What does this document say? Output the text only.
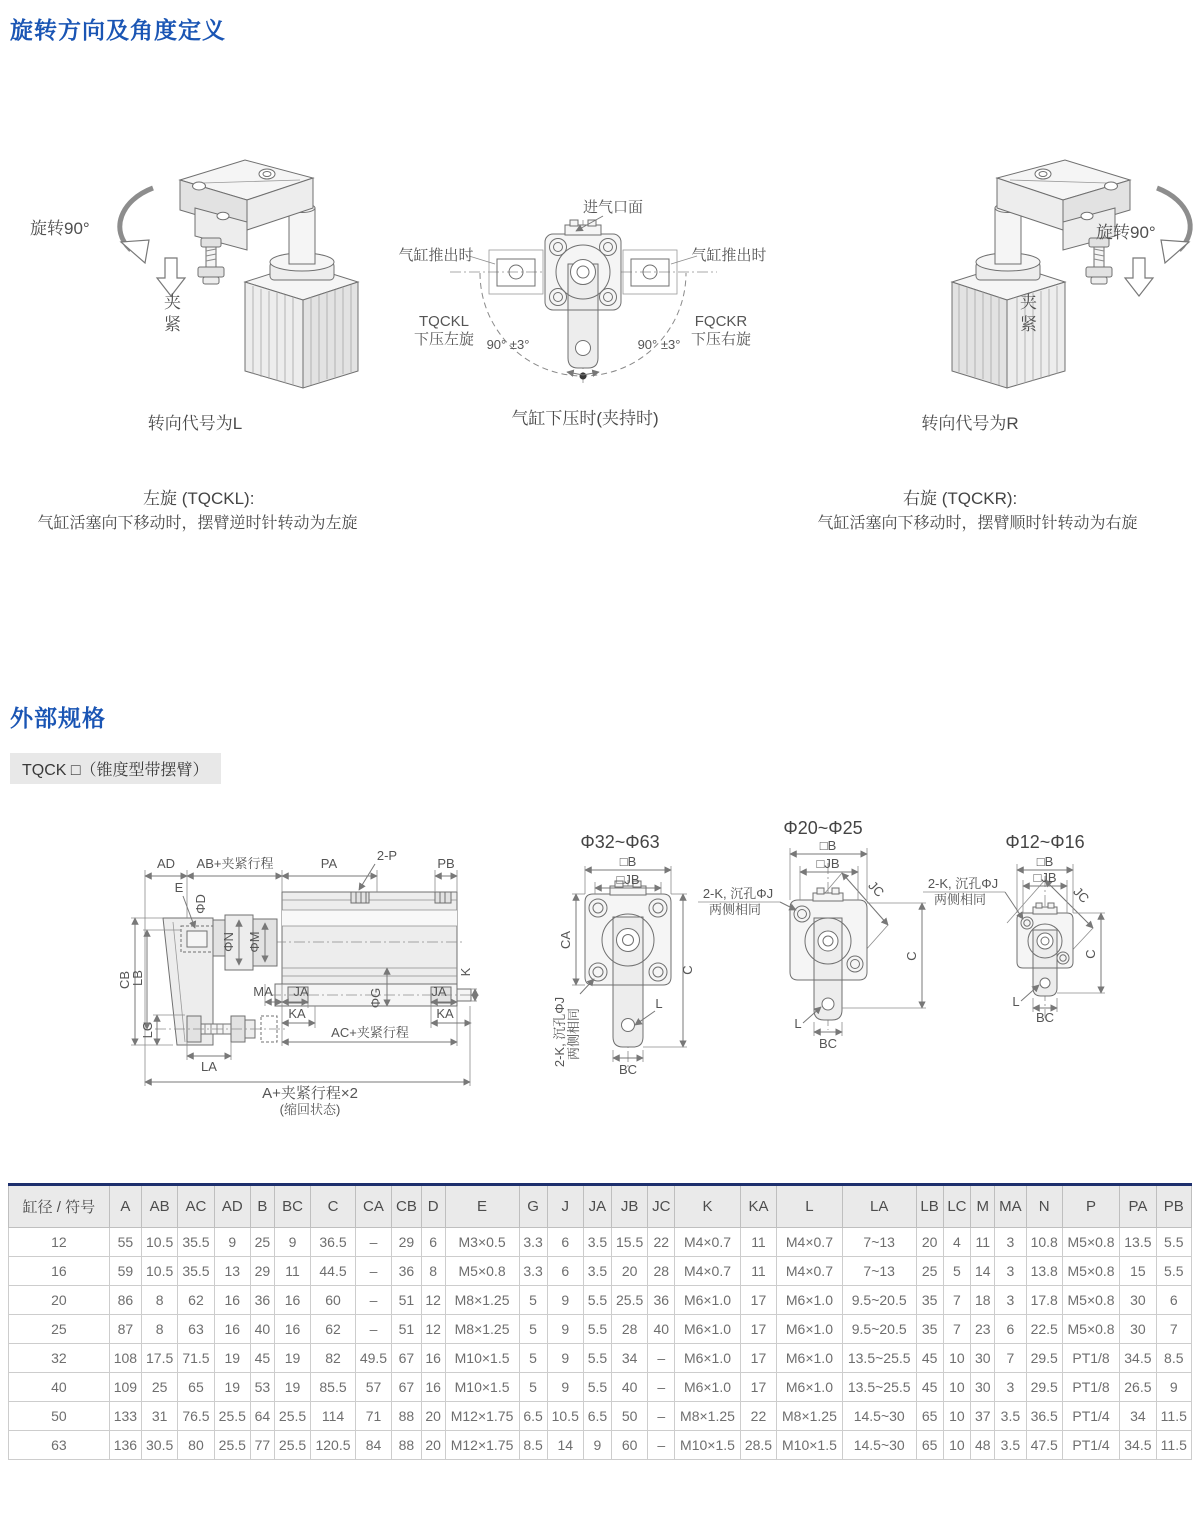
旋转方向及角度定义
旋转90°
夹紧
转向代号为L
左旋 (TQCKL):
气缸活塞向下移动时，摆臂逆时针转动为左旋
进气口面
气缸推出时	气缸推出时
TQCKL
下压左旋
FQCKR
下压右旋
90° ±3°	90° ±3°
气缸下压时(夹持时)
旋转90°
夹紧
转向代号为R
右旋 (TQCKR):
气缸活塞向下移动时，摆臂顺时针转动为右旋
外部规格
TQCK □（锥度型带摆臂）
AD AB+夹紧行程	PA
2-P
PB
E
ΦD
ΦN ΦM
CB
LB
LC
MA JA
KA
ΦG	JA
KA
K
AC+夹紧行程
LA
A+夹紧行程×2
(缩回状态)
Φ32~Φ63
□B
□JB
CA
C
L
BC
2-K, 沉孔ΦJ 两侧相同
Φ20~Φ25
JC
□B
□JB
C
L
BC
2-K, 沉孔ΦJ
两侧相同
Φ12~Φ16
JC
□B
□JB
C
L
BC
2-K, 沉孔ΦJ
两侧相同
缸径 / 符号	A	AB	AC	AD	B	BC	C	CA	CB	D	E	G	J	JA	JB	JC	K	KA	L	LA	LB	LC	M	MA	N	P	PA	PB
12	55	10.5	35.5	9	25	9	36.5	–	29	6	M3×0.5	3.3	6	3.5	15.5	22	M4×0.7	11	M4×0.7	7~13	20	4	11	3	10.8	M5×0.8	13.5	5.5
16	59	10.5	35.5	13	29	11	44.5	–	36	8	M5×0.8	3.3	6	3.5	20	28	M4×0.7	11	M4×0.7	7~13	25	5	14	3	13.8	M5×0.8	15	5.5
20	86	8	62	16	36	16	60	–	51	12	M8×1.25	5	9	5.5	25.5	36	M6×1.0	17	M6×1.0	9.5~20.5	35	7	18	3	17.8	M5×0.8	30	6
25	87	8	63	16	40	16	62	–	51	12	M8×1.25	5	9	5.5	28	40	M6×1.0	17	M6×1.0	9.5~20.5	35	7	23	6	22.5	M5×0.8	30	7
32	108	17.5	71.5	19	45	19	82	49.5	67	16	M10×1.5	5	9	5.5	34	–	M6×1.0	17	M6×1.0	13.5~25.5	45	10	30	7	29.5	PT1/8	34.5	8.5
40	109	25	65	19	53	19	85.5	57	67	16	M10×1.5	5	9	5.5	40	–	M6×1.0	17	M6×1.0	13.5~25.5	45	10	30	3	29.5	PT1/8	26.5	9
50	133	31	76.5	25.5	64	25.5	114	71	88	20	M12×1.75	6.5	10.5	6.5	50	–	M8×1.25	22	M8×1.25	14.5~30	65	10	37	3.5	36.5	PT1/4	34	11.5
63	136	30.5	80	25.5	77	25.5	120.5	84	88	20	M12×1.75	8.5	14	9	60	–	M10×1.5	28.5	M10×1.5	14.5~30	65	10	48	3.5	47.5	PT1/4	34.5	11.5
